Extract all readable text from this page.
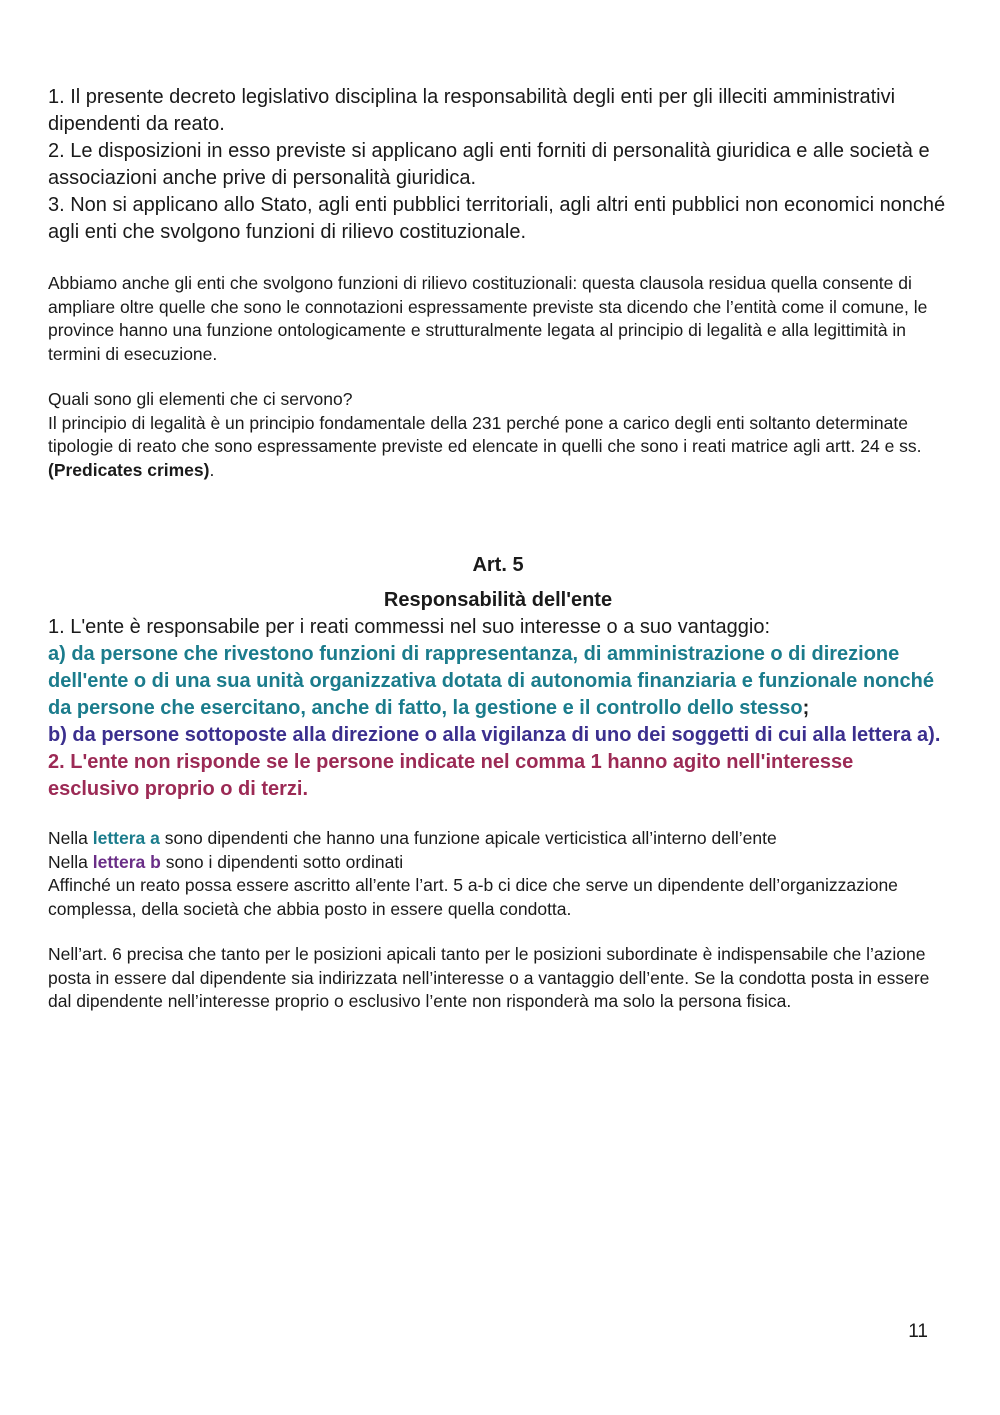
1. Il presente decreto legislativo disciplina la responsabilità degli enti per gli illeciti amministrativi dipendenti da reato.

2. Le disposizioni in esso previste si applicano agli enti forniti di personalità giuridica e alle società e associazioni anche prive di personalità giuridica.

3. Non si applicano allo Stato, agli enti pubblici territoriali, agli altri enti pubblici non economici nonché agli enti che svolgono funzioni di rilievo costituzionale.

Abbiamo anche gli enti che svolgono funzioni di rilievo costituzionali: questa clausola residua quella consente di ampliare oltre quelle che sono le connotazioni espressamente previste sta dicendo che l’entità come il comune, le province hanno una funzione ontologicamente e strutturalmente legata al principio di legalità e alla legittimità in termini di esecuzione.

Quali sono gli elementi che ci servono?

Il principio di legalità è un principio fondamentale della 231 perché pone a carico degli enti soltanto determinate tipologie di reato che sono espressamente previste ed elencate in quelli che sono i reati matrice agli artt. 24 e ss. (Predicates crimes).

Art. 5

Responsabilità dell'ente

1. L'ente è responsabile per i reati commessi nel suo interesse o a suo vantaggio:

a) da persone che rivestono funzioni di rappresentanza, di amministrazione o di direzione dell'ente o di una sua unità organizzativa dotata di autonomia finanziaria e funzionale nonché da persone che esercitano, anche di fatto, la gestione e il controllo dello stesso;

b) da persone sottoposte alla direzione o alla vigilanza di uno dei soggetti di cui alla lettera a).

2. L'ente non risponde se le persone indicate nel comma 1 hanno agito nell'interesse esclusivo proprio o di terzi.

Nella lettera a sono dipendenti che hanno una funzione apicale verticistica all’interno dell’ente

Nella lettera b sono i dipendenti sotto ordinati

Affinché un reato possa essere ascritto all’ente l’art. 5 a-b ci dice che serve un dipendente dell’organizzazione complessa, della società che abbia posto in essere quella condotta.

Nell’art. 6 precisa che tanto per le posizioni apicali tanto per le posizioni subordinate è indispensabile che l’azione posta in essere dal dipendente sia indirizzata nell’interesse o a vantaggio dell’ente. Se la condotta posta in essere dal dipendente nell’interesse proprio o esclusivo l’ente non risponderà ma solo la persona fisica.

11
